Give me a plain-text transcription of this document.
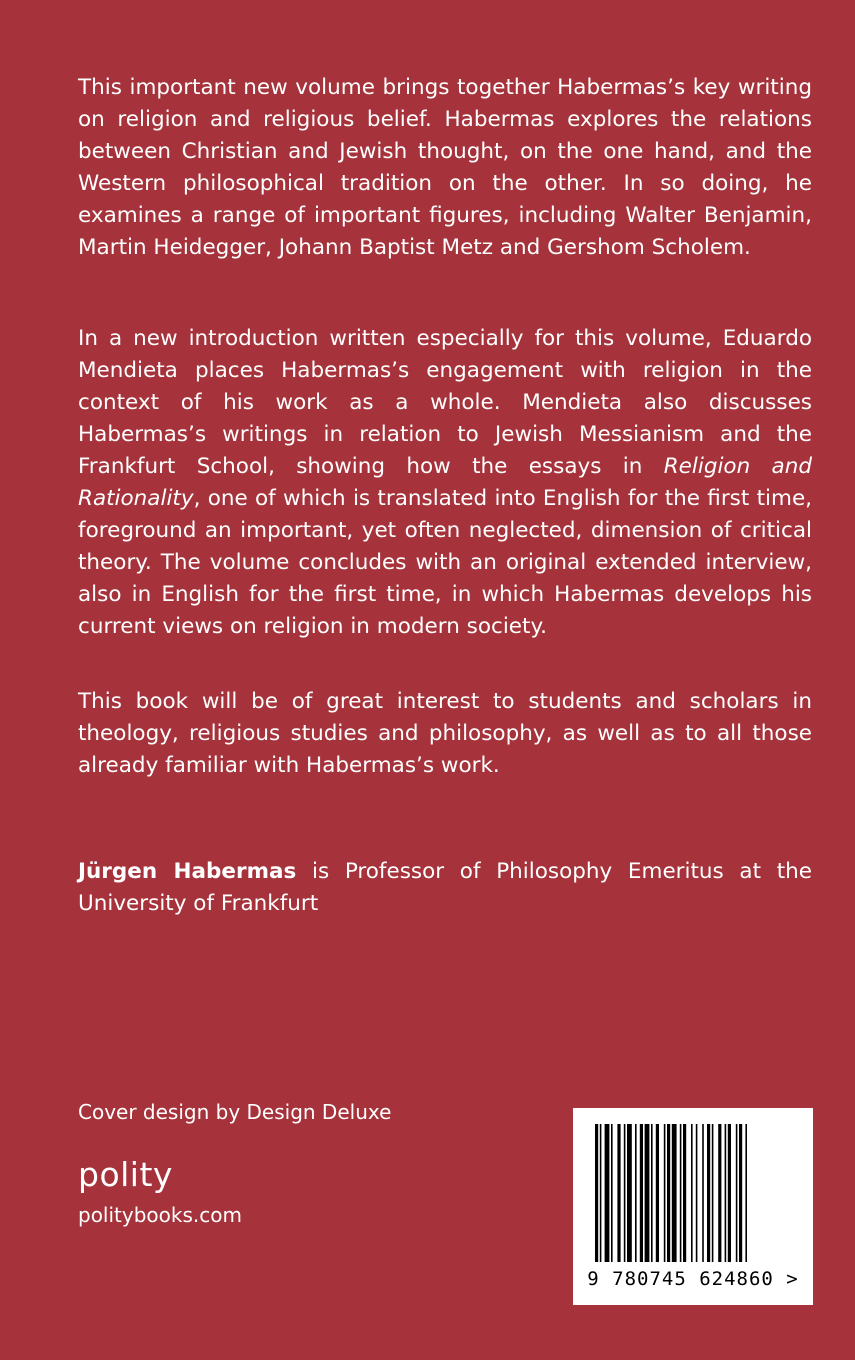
This important new volume brings together Habermas’s key writing on religion and religious belief. Habermas explores the relations between Christian and Jewish thought, on the one hand, and the Western philosophical tradition on the other. In so doing, he examines a range of important figures, including Walter Benjamin, Martin Heidegger, Johann Baptist Metz and Gershom Scholem.

In a new introduction written especially for this volume, Eduardo Mendieta places Habermas’s engagement with religion in the context of his work as a whole. Mendieta also discusses Habermas’s writings in relation to Jewish Messianism and the Frankfurt School, showing how the essays in Religion and Rationality, one of which is translated into English for the first time, foreground an important, yet often neglected, dimension of critical theory. The volume concludes with an original extended interview, also in English for the first time, in which Habermas develops his current views on religion in modern society.

This book will be of great interest to students and scholars in theology, religious studies and philosophy, as well as to all those already familiar with Habermas’s work.

Jürgen Habermas is Professor of Philosophy Emeritus at the University of Frankfurt

Cover design by Design Deluxe
polity
politybooks.com
9 780745 624860 >
